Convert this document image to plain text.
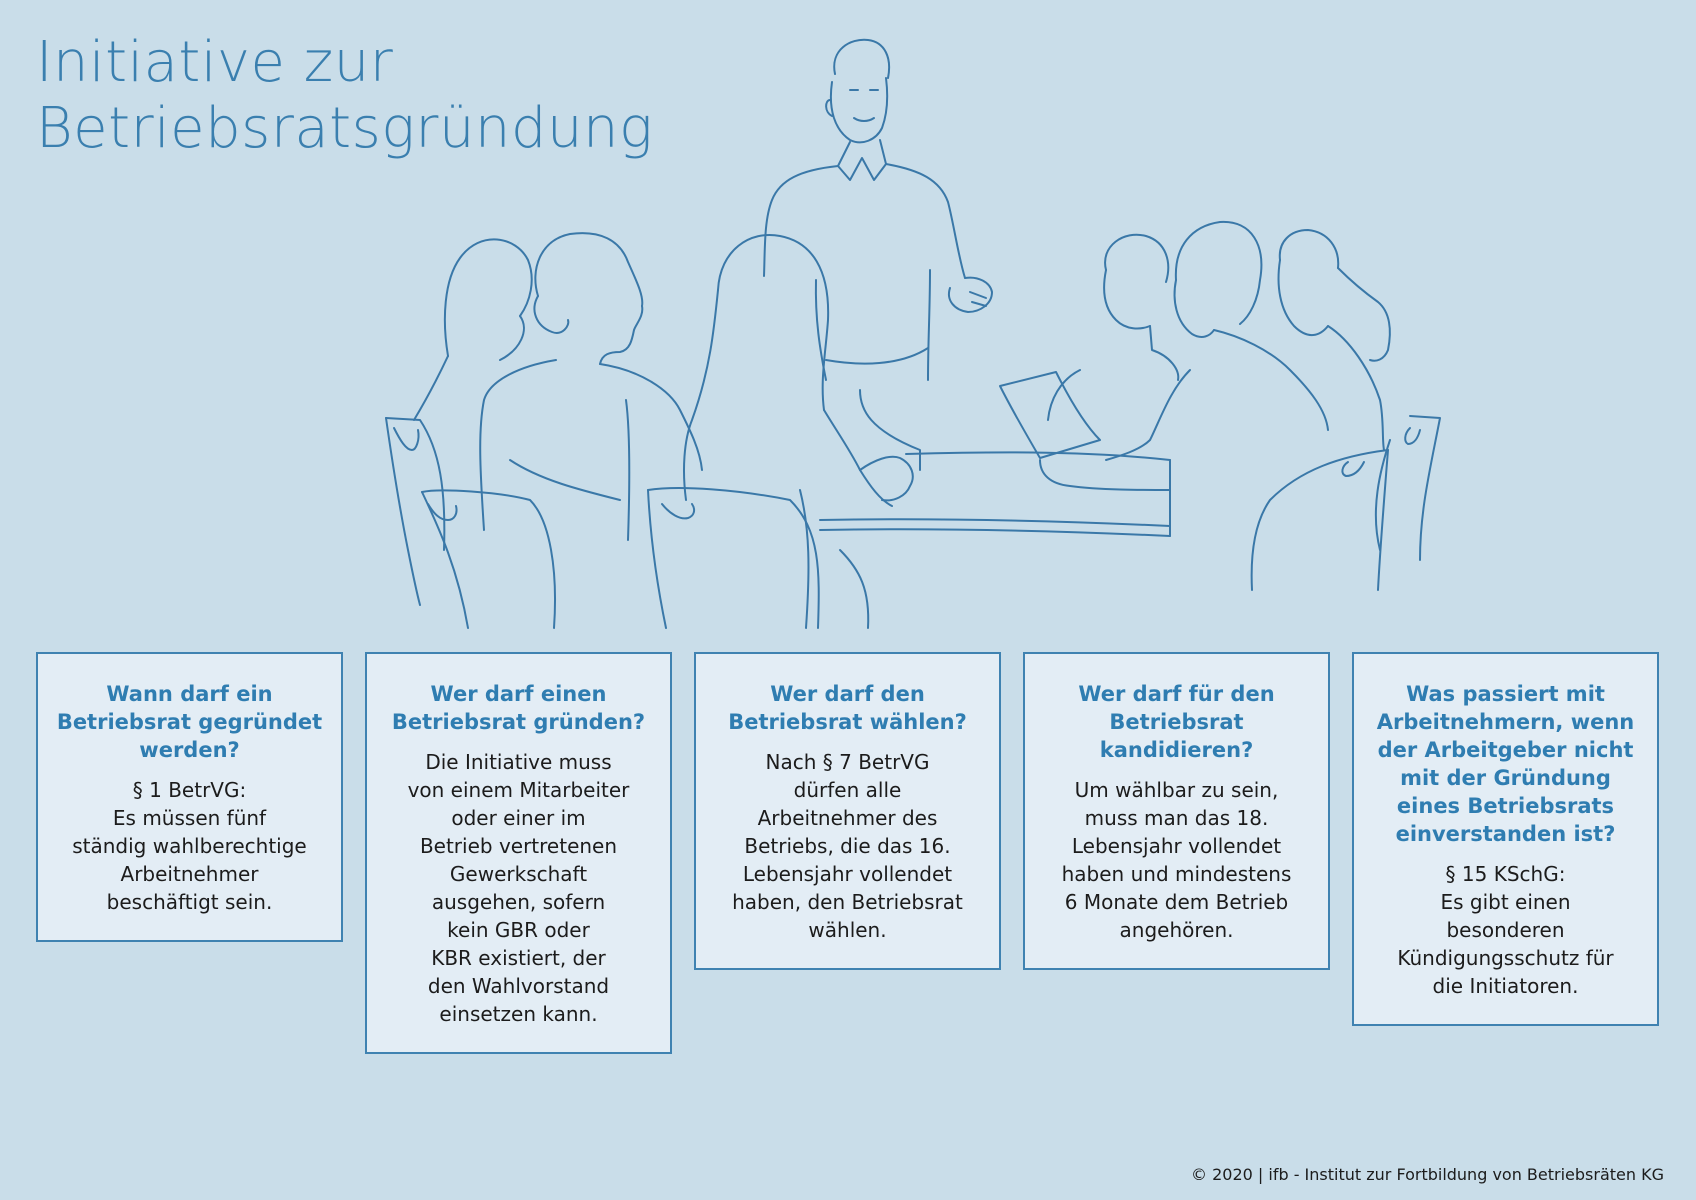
Initiative zur
Betriebsratsgründung
Wann darf ein Betriebsrat gegründet werden?

§ 1 BetrVG:
Es müssen fünf
ständig wahlberechtige
Arbeitnehmer
beschäftigt sein.

Wer darf einen Betriebsrat gründen?

Die Initiative muss
von einem Mitarbeiter
oder einer im
Betrieb vertretenen
Gewerkschaft
ausgehen, sofern
kein GBR oder
KBR existiert, der
den Wahlvorstand
einsetzen kann.

Wer darf den Betriebsrat wählen?

Nach § 7 BetrVG
dürfen alle
Arbeitnehmer des
Betriebs, die das 16.
Lebensjahr vollendet
haben, den Betriebsrat
wählen.

Wer darf für den Betriebsrat kandidieren?

Um wählbar zu sein,
muss man das 18.
Lebensjahr vollendet
haben und mindestens
6 Monate dem Betrieb
angehören.

Was passiert mit Arbeitnehmern, wenn der Arbeitgeber nicht mit der Gründung eines Betriebsrats einverstanden ist?

§ 15 KSchG:
Es gibt einen
besonderen
Kündigungsschutz für
die Initiatoren.

© 2020 | ifb - Institut zur Fortbildung von Betriebsräten KG
